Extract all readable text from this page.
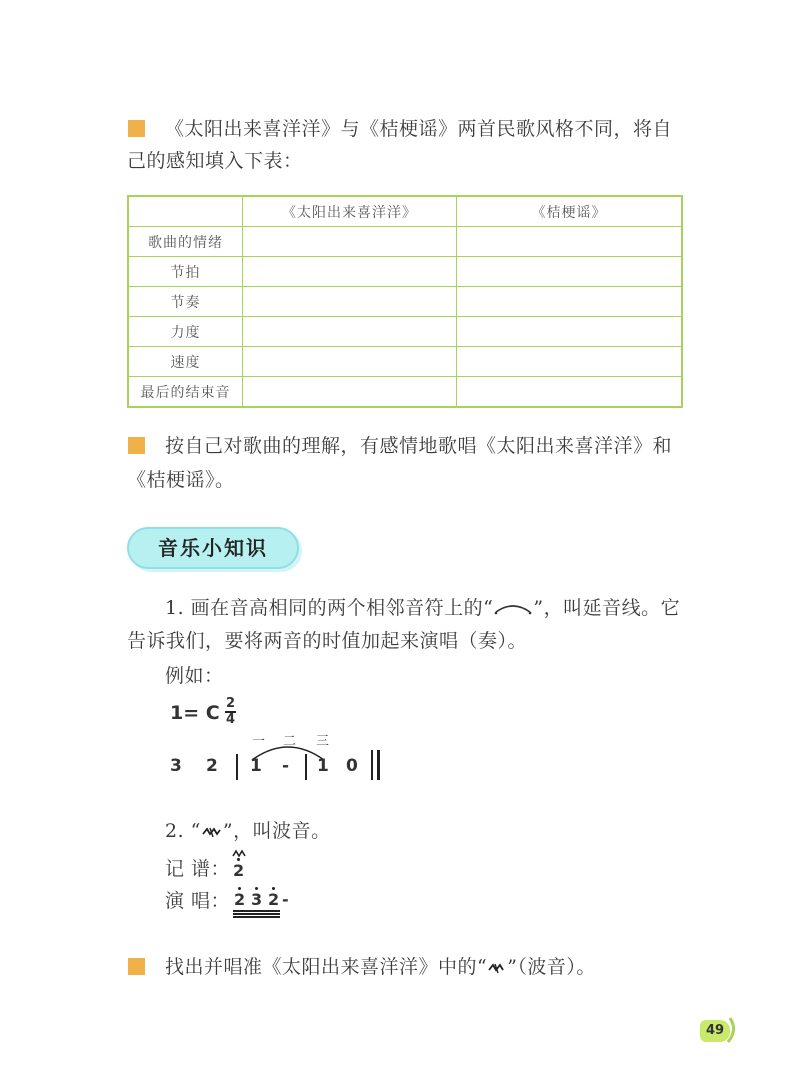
《太阳出来喜洋洋》与《桔梗谣》两首民歌风格不同，将自
己的感知填入下表：
	《太阳出来喜洋洋》	《桔梗谣》
歌曲的情绪		
节拍		
节奏		
力度		
速度		
最后的结束音		
按自己对歌曲的理解，有感情地歌唱《太阳出来喜洋洋》和
《桔梗谣》。
音乐小知识
1. 画在音高相同的两个相邻音符上的“ ”，叫延音线。它
告诉我们，要将两音的时值加起来演唱（奏）。
例如：
1= C 2
4
一 二 三
3 2 1 - 1 0
2. “ ”，叫波音。
记 谱： 2
演 唱： 2 3 2 -
找出并唱准《太阳出来喜洋洋》中的“ ”（波音）。
49
